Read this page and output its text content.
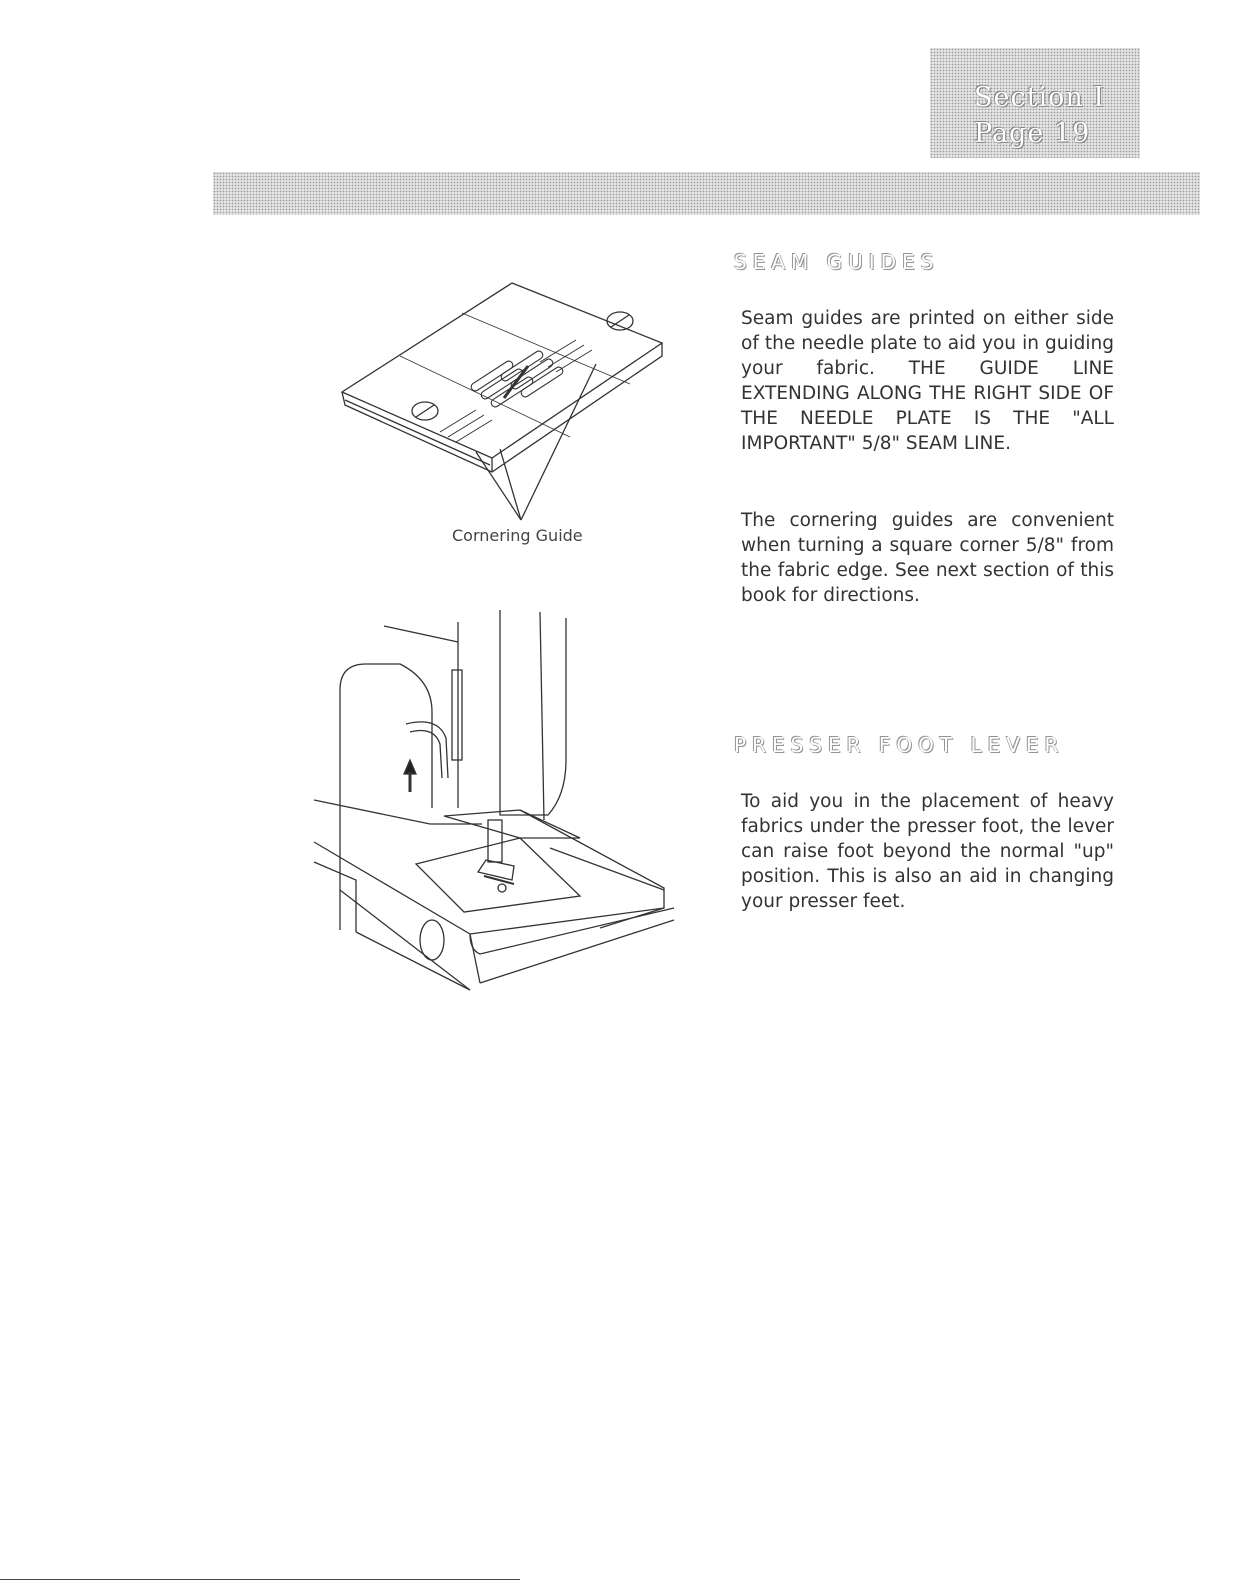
Section I
Page 19
Cornering Guide
SEAM GUIDES

Seam guides are printed on either side of the needle plate to aid you in guiding your fabric. THE GUIDE LINE EXTENDING ALONG THE RIGHT SIDE OF THE NEEDLE PLATE IS THE "ALL IMPORTANT" 5/8" SEAM LINE.

The cornering guides are convenient when turning a square corner 5/8" from the fabric edge. See next section of this book for directions.

PRESSER FOOT LEVER

To aid you in the placement of heavy fabrics under the presser foot, the lever can raise foot beyond the normal "up" position. This is also an aid in changing your presser feet.
